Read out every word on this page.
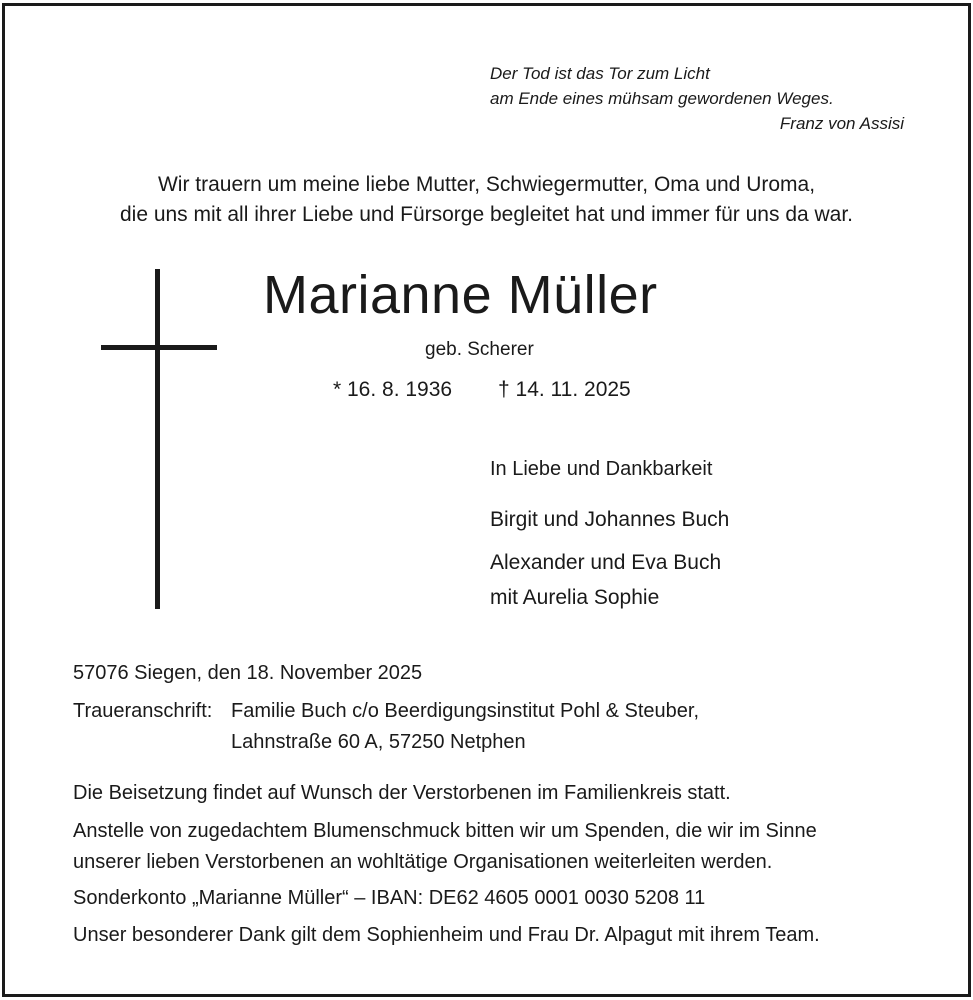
Der Tod ist das Tor zum Licht
am Ende eines mühsam gewordenen Weges.
Franz von Assisi
Wir trauern um meine liebe Mutter, Schwiegermutter, Oma und Uroma,
die uns mit all ihrer Liebe und Fürsorge begleitet hat und immer für uns da war.
Marianne Müller
geb. Scherer
* 16. 8. 1936 † 14. 11. 2025
In Liebe und Dankbarkeit
Birgit und Johannes Buch
Alexander und Eva Buch
mit Aurelia Sophie
57076 Siegen, den 18. November 2025
Traueranschrift: Familie Buch c/o Beerdigungsinstitut Pohl & Steuber,
Lahnstraße 60 A, 57250 Netphen
Die Beisetzung findet auf Wunsch der Verstorbenen im Familienkreis statt.
Anstelle von zugedachtem Blumenschmuck bitten wir um Spenden, die wir im Sinne
unserer lieben Verstorbenen an wohltätige Organisationen weiterleiten werden.
Sonderkonto „Marianne Müller“ – IBAN: DE62 4605 0001 0030 5208 11
Unser besonderer Dank gilt dem Sophienheim und Frau Dr. Alpagut mit ihrem Team.
